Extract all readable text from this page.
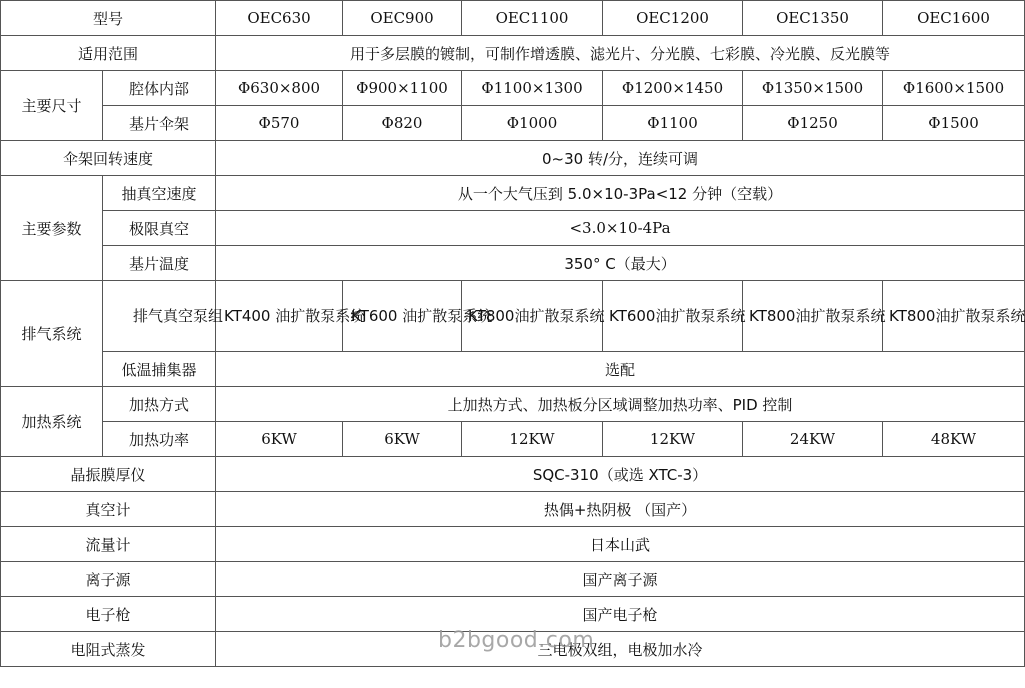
型号		OEC630	OEC900	OEC1100	OEC1200	OEC1350	OEC1600
适用范围		用于多层膜的镀制，可制作增透膜、滤光片、分光膜、七彩膜、冷光膜、反光膜等					
主要尺寸	腔体内部	Φ630×800	Φ900×1100	Φ1100×1300	Φ1200×1450	Φ1350×1500	Φ1600×1500
	基片伞架	Φ570	Φ820	Φ1000	Φ1100	Φ1250	Φ1500
伞架回转速度		0~30 转/分，连续可调					
主要参数	抽真空速度	从一个大气压到 5.0×10-3Pa<12 分钟（空载）					
	极限真空	<3.0×10-4Pa					
	基片温度	350° C（最大）					
排气系统	排气真空泵组	KT400 油扩散泵系统	KT600 油扩散泵系统	KT800油扩散泵系统	KT600油扩散泵系统	KT800油扩散泵系统	KT800油扩散泵系统
	低温捕集器	选配					
加热系统	加热方式	上加热方式、加热板分区域调整加热功率、PID 控制					
	加热功率	6KW	6KW	12KW	12KW	24KW	48KW
晶振膜厚仪		SQC-310（或选 XTC-3）					
真空计		热偶+热阴极 （国产）					
流量计		日本山武					
离子源		国产离子源					
电子枪		国产电子枪					
电阻式蒸发		三电极双组，电极加水冷					
b2bgood.com
